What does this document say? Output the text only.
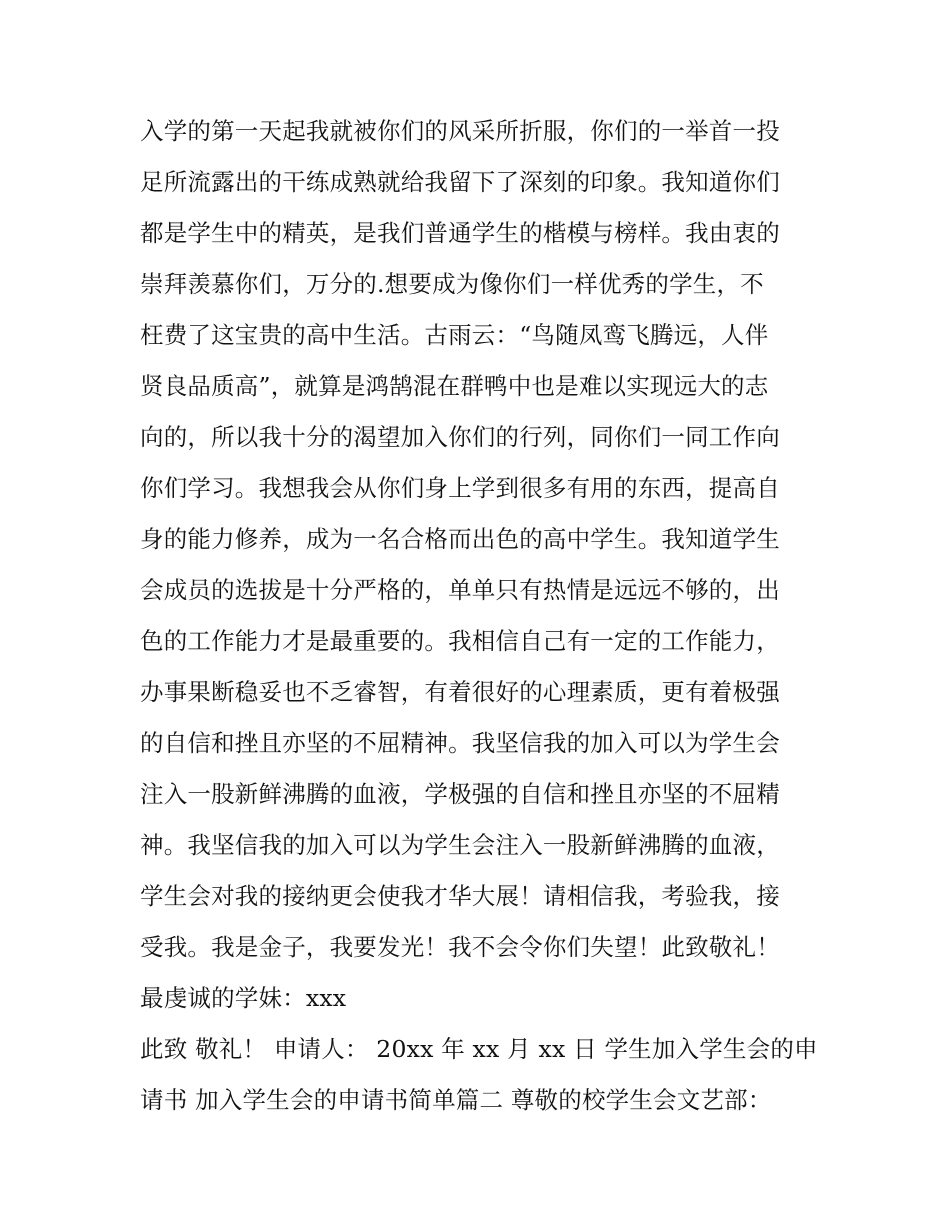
入学的第一天起我就被你们的风采所折服，你们的一举首一投
足所流露出的干练成熟就给我留下了深刻的印象。我知道你们
都是学生中的精英，是我们普通学生的楷模与榜样。我由衷的
崇拜羡慕你们，万分的.想要成为像你们一样优秀的学生，不
枉费了这宝贵的高中生活。古雨云：“鸟随凤鸾飞腾远，人伴
贤良品质高”，就算是鸿鹄混在群鸭中也是难以实现远大的志
向的，所以我十分的渴望加入你们的行列，同你们一同工作向
你们学习。我想我会从你们身上学到很多有用的东西，提高自
身的能力修养，成为一名合格而出色的高中学生。我知道学生
会成员的选拔是十分严格的，单单只有热情是远远不够的，出
色的工作能力才是最重要的。我相信自己有一定的工作能力，
办事果断稳妥也不乏睿智，有着很好的心理素质，更有着极强
的自信和挫且亦坚的不屈精神。我坚信我的加入可以为学生会
注入一股新鲜沸腾的血液，学极强的自信和挫且亦坚的不屈精
神。我坚信我的加入可以为学生会注入一股新鲜沸腾的血液，
学生会对我的接纳更会使我才华大展！请相信我，考验我，接
受我。我是金子，我要发光！我不会令你们失望！此致敬礼！
最虔诚的学妹：xxx
此致 敬礼！ 申请人： 20xx 年 xx 月 xx 日 学生加入学生会的申
请书 加入学生会的申请书简单篇二 尊敬的校学生会文艺部：
